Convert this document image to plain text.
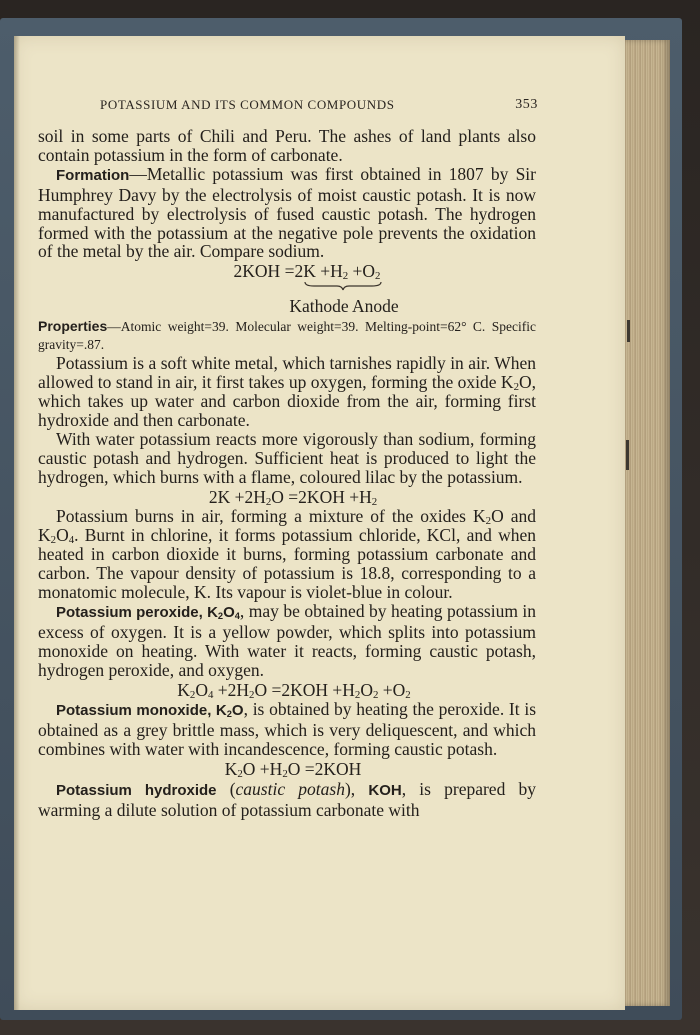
POTASSIUM AND ITS COMMON COMPOUNDS	353

soil in some parts of Chili and Peru. The ashes of land plants also contain potassium in the form of carbonate.

Formation—Metallic potassium was first obtained in 1807 by Sir Humphrey Davy by the electrolysis of moist caustic potash. It is now manufactured by electrolysis of fused caustic potash. The hydrogen formed with the potassium at the negative pole prevents the oxidation of the metal by the air. Compare sodium.

$2KOH =2K +H_2 +O_2$
Kathode Anode

Properties—Atomic weight=39. Molecular weight=39. Melting-point=62° C. Specific gravity=.87.

Potassium is a soft white metal, which tarnishes rapidly in air. When allowed to stand in air, it first takes up oxygen, forming the oxide $K_2O$, which takes up water and carbon dioxide from the air, forming first hydroxide and then carbonate.

With water potassium reacts more vigorously than sodium, forming caustic potash and hydrogen. Sufficient heat is produced to light the hydrogen, which burns with a flame, coloured lilac by the potassium.

$2K +2H_2O =2KOH +H_2$

Potassium burns in air, forming a mixture of the oxides $K_2O$ and $K_2O_4$. Burnt in chlorine, it forms potassium chloride, KCl, and when heated in carbon dioxide it burns, forming potassium carbonate and carbon. The vapour density of potassium is 18.8, corresponding to a monatomic molecule, K. Its vapour is violet-blue in colour.

Potassium peroxide, $K_2O_4$, may be obtained by heating potassium in excess of oxygen. It is a yellow powder, which splits into potassium monoxide on heating. With water it reacts, forming caustic potash, hydrogen peroxide, and oxygen.

$K_2O_4 +2H_2O =2KOH +H_2O_2 +O_2$

Potassium monoxide, $K_2O$, is obtained by heating the peroxide. It is obtained as a grey brittle mass, which is very deliquescent, and which combines with water with incandescence, forming caustic potash.

$K_2O +H_2O =2KOH$

Potassium hydroxide (caustic potash), KOH, is prepared by warming a dilute solution of potassium carbonate with
